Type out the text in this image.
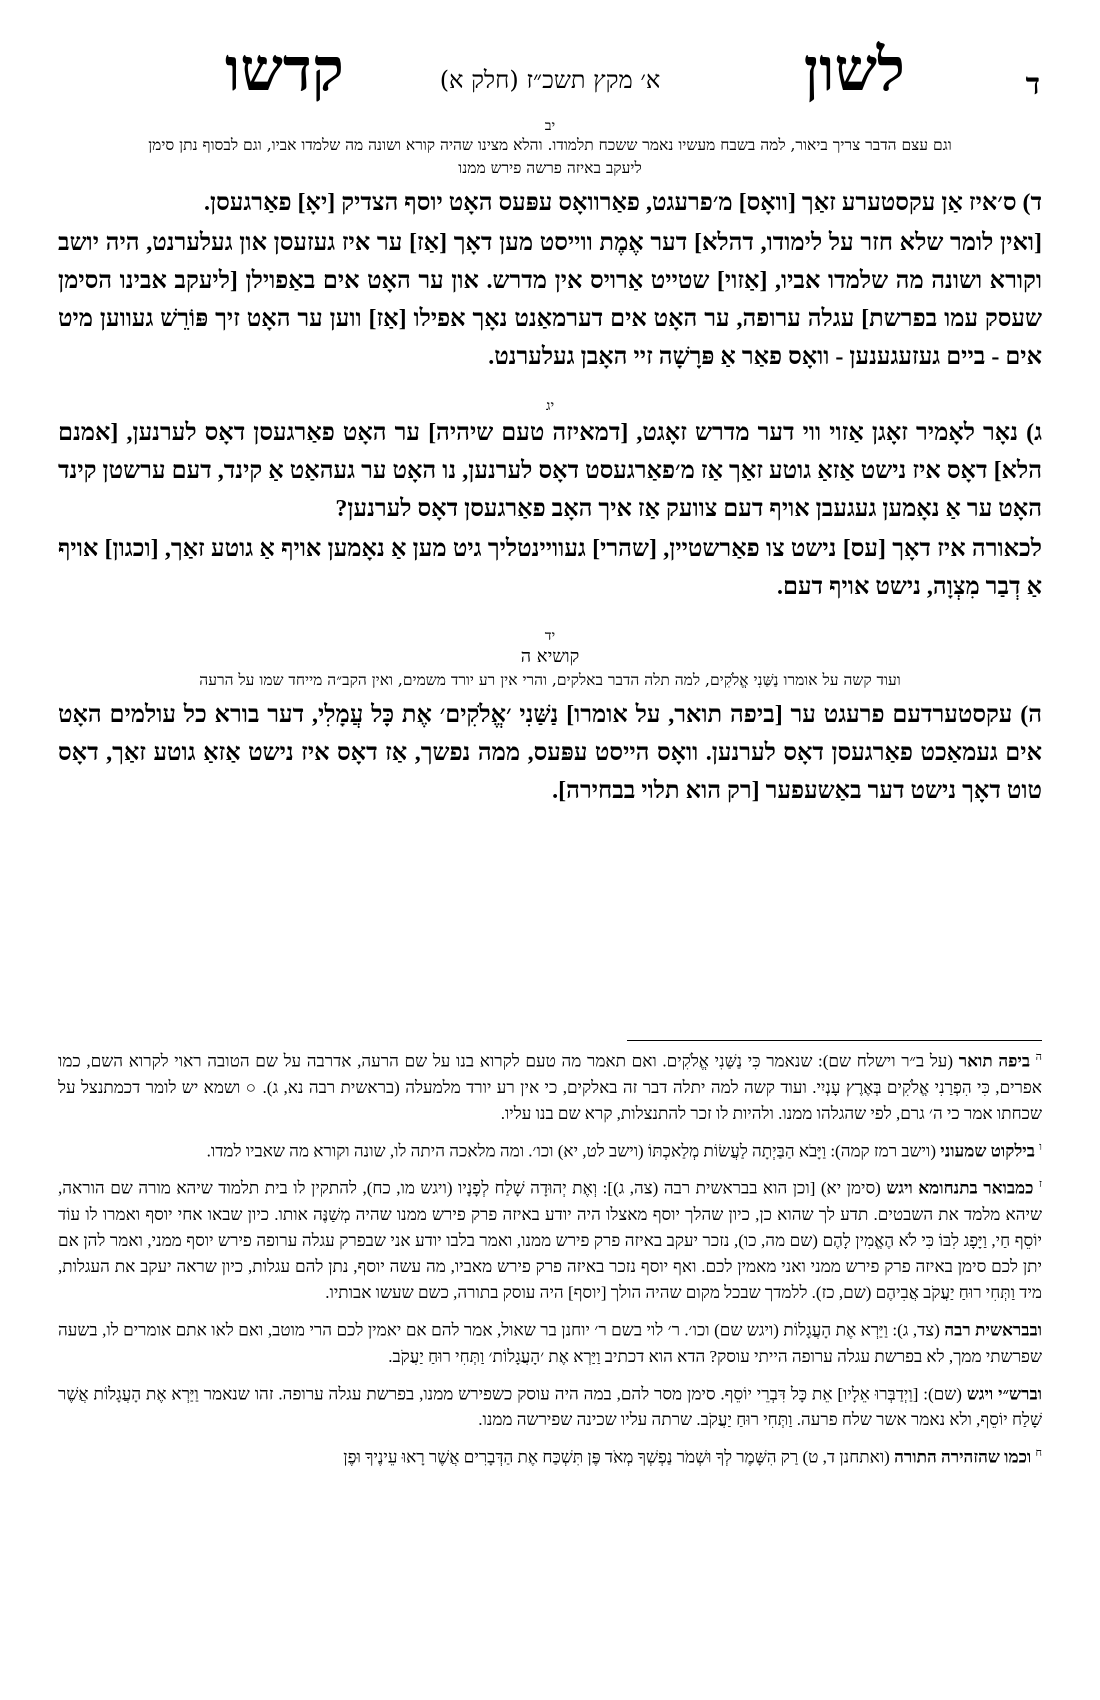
ד
לשון
א׳ מקץ תשכ״ז (חלק א)
קדשו
יב

וגם עצם הדבר צריך ביאור, למה בשבח מעשיו נאמר ששכח תלמודו. והלא מצינו שהיה קורא ושונה מה שלמדו אביו, וגם לבסוף נתן סימן ליעקב באיזה פרשה פירש ממנו

ד) ס׳איז אַן עקסטערע זאַך [וואָס] מ׳פרעגט, פאַרוואָס עפּעס האָט יוסף הצדיק [יאָ] פאַרגעסן.

[ואין לומר שלא חזר על לימודו, דהלא] דער אֶמֶת ווייסט מען דאָך [אַז] ער איז געזעסן און געלערנט, היה יושב וקורא ושונה מה שלמדו אביו, [אַזוי] שטייט אַרויס אין מדרש. און ער האָט אים באַפוילן [ליעקב אבינו הסימן שעסק עמו בפרשת] עגלה ערופה, ער האָט אים דערמאַנט נאָך אפילו [אַז] ווען ער האָט זיך פּוֹרֵשׁ געווען מיט אים - ביים געזעגענען - וואָס פאַר אַ פּרָשָׁה זיי האָבן געלערנט.

יג

ג) נאָר לאָמיר זאָגן אַזוי ווי דער מדרש זאָגט, [דמאיזה טעם שיהיה] ער האָט פאַרגעסן דאָס לערנען, [אמנם הלא] דאָס איז נישט אַזאַ גוטע זאַך אַז מ׳פאַרגעסט דאָס לערנען, נו האָט ער געהאַט אַ קינד, דעם ערשטן קינד האָט ער אַ נאָמען געגעבן אויף דעם צוועק אַז איך האָב פאַרגעסן דאָס לערנען?

לכאורה איז דאָך [עס] נישט צו פאַרשטיין, [שהרי] געוויינטליך גיט מען אַ נאָמען אויף אַ גוטע זאַך, [וכגון] אויף אַ דְבַר מִצְוָה, נישט אויף דעם.

יד
קושיא ה

ועוד קשה על אומרו נַשַּׁנִי אֱלֹקִים, למה תלה הדבר באלקים, והרי אין רע יורד משמים, ואין הקב״ה מייחד שמו על הרעה

ה) עקסטערדעם פרעגט ער [ביפה תואר, על אומרו] נַשַּׁנִי ׳אֱלֹקִים׳ אֶת כָּל עֲמָלִי, דער בורא כל עולמים האָט אים געמאַכט פאַרגעסן דאָס לערנען. וואָס הייסט עפּעס, ממה נפשך, אַז דאָס איז נישט אַזאַ גוטע זאַך, דאָס טוט דאָך נישט דער באַשעפער [רק הוא תלוי בבחירה].

$^ה$ ביפה תואר (על ב״ר וישלח שם): שנאמר כִּי נַשַּׁנִי אֱלֹקִים. ואם תאמר מה טעם לקרוא בנו על שם הרעה, אדרבה על שם הטובה ראוי לקרוא השם, כמו אפרים, כִּי הִפְרַנִי אֱלֹקִים בְּאֶרֶץ עָנְיִי. ועוד קשה למה יתלה דבר זה באלקים, כי אין רע יורד מלמעלה (בראשית רבה נא, ג). ○ ושמא יש לומר דכמתנצל על שכחתו אמר כי ה׳ גרם, לפי שהגלהו ממנו. ולהיות לו זכר להתנצלות, קרא שם בנו עליו.

$^ו$ בילקוט שמעוני (וישב רמז קמה): וַיָּבֹא הַבַּיְתָה לַעֲשׂוֹת מְלַאכְתּוֹ (וישב לט, יא) וכו׳. ומה מלאכה היתה לו, שונה וקורא מה שאביו למדו.

$^ז$ כמבואר בתנחומא ויגש (סימן יא) [וכן הוא בבראשית רבה (צה, ג)]: וְאֶת יְהוּדָה שָׁלַח לְפָנָיו (ויגש מו, כח), להתקין לו בית תלמוד שיהא מורה שם הוראה, שיהא מלמד את השבטים. תדע לך שהוא כן, כיון שהלך יוסף מאצלו היה יודע באיזה פרק פירש ממנו שהיה מְשַׁנֶּה אותו. כיון שבאו אחי יוסף ואמרו לו עוֹד יוֹסֵף חַי, וַיָּפָג לִבּוֹ כִּי לֹא הֶאֱמִין לָהֶם (שם מה, כו), נזכר יעקב באיזה פרק פירש ממנו, ואמר בלבו יודע אני שבפרק עגלה ערופה פירש יוסף ממני, ואמר להן אם יתן לכם סימן באיזה פרק פירש ממני ואני מאמין לכם. ואף יוסף נזכר באיזה פרק פירש מאביו, מה עשה יוסף, נתן להם עגלות, כיון שראה יעקב את העגלות, מיד וַתְּחִי רוּחַ יַעֲקֹב אֲבִיהֶם (שם, כז). ללמדך שבכל מקום שהיה הולך [יוסף] היה עוסק בתורה, כשם שעשו אבותיו.

ובבראשית רבה (צד, ג): וַיַּרְא אֶת הָעֲגָלוֹת (ויגש שם) וכו׳. ר׳ לוי בשם ר׳ יוחנן בר שאול, אמר להם אם יאמין לכם הרי מוטב, ואם לאו אתם אומרים לו, בשעה שפרשתי ממך, לא בפרשת עגלה ערופה הייתי עוסק? הדא הוא דכתיב וַיַּרְא אֶת ׳הָעֲגָלוֹת׳ וַתְּחִי רוּחַ יַעֲקֹב.

וברש״י ויגש (שם): [וַיְדַבְּרוּ אֵלָיו] אֵת כָּל דִּבְרֵי יוֹסֵף. סימן מסר להם, במה היה עוסק כשפירש ממנו, בפרשת עגלה ערופה. זהו שנאמר וַיַּרְא אֶת הָעֲגָלוֹת אֲשֶׁר שָׁלַח יוֹסֵף, ולא נאמר אשר שלח פרעה. וַתְּחִי רוּחַ יַעֲקֹב. שרתה עליו שכינה שפירשה ממנו.

$^ח$ וכמו שהזהירה התורה (ואתחנן ד, ט) רַק הִשָּׁמֶר לְךָ וּשְׁמֹר נַפְשְׁךָ מְאֹד פֶּן תִּשְׁכַּח אֶת הַדְּבָרִים אֲשֶׁר רָאוּ עֵינֶיךָ וּפֶן
